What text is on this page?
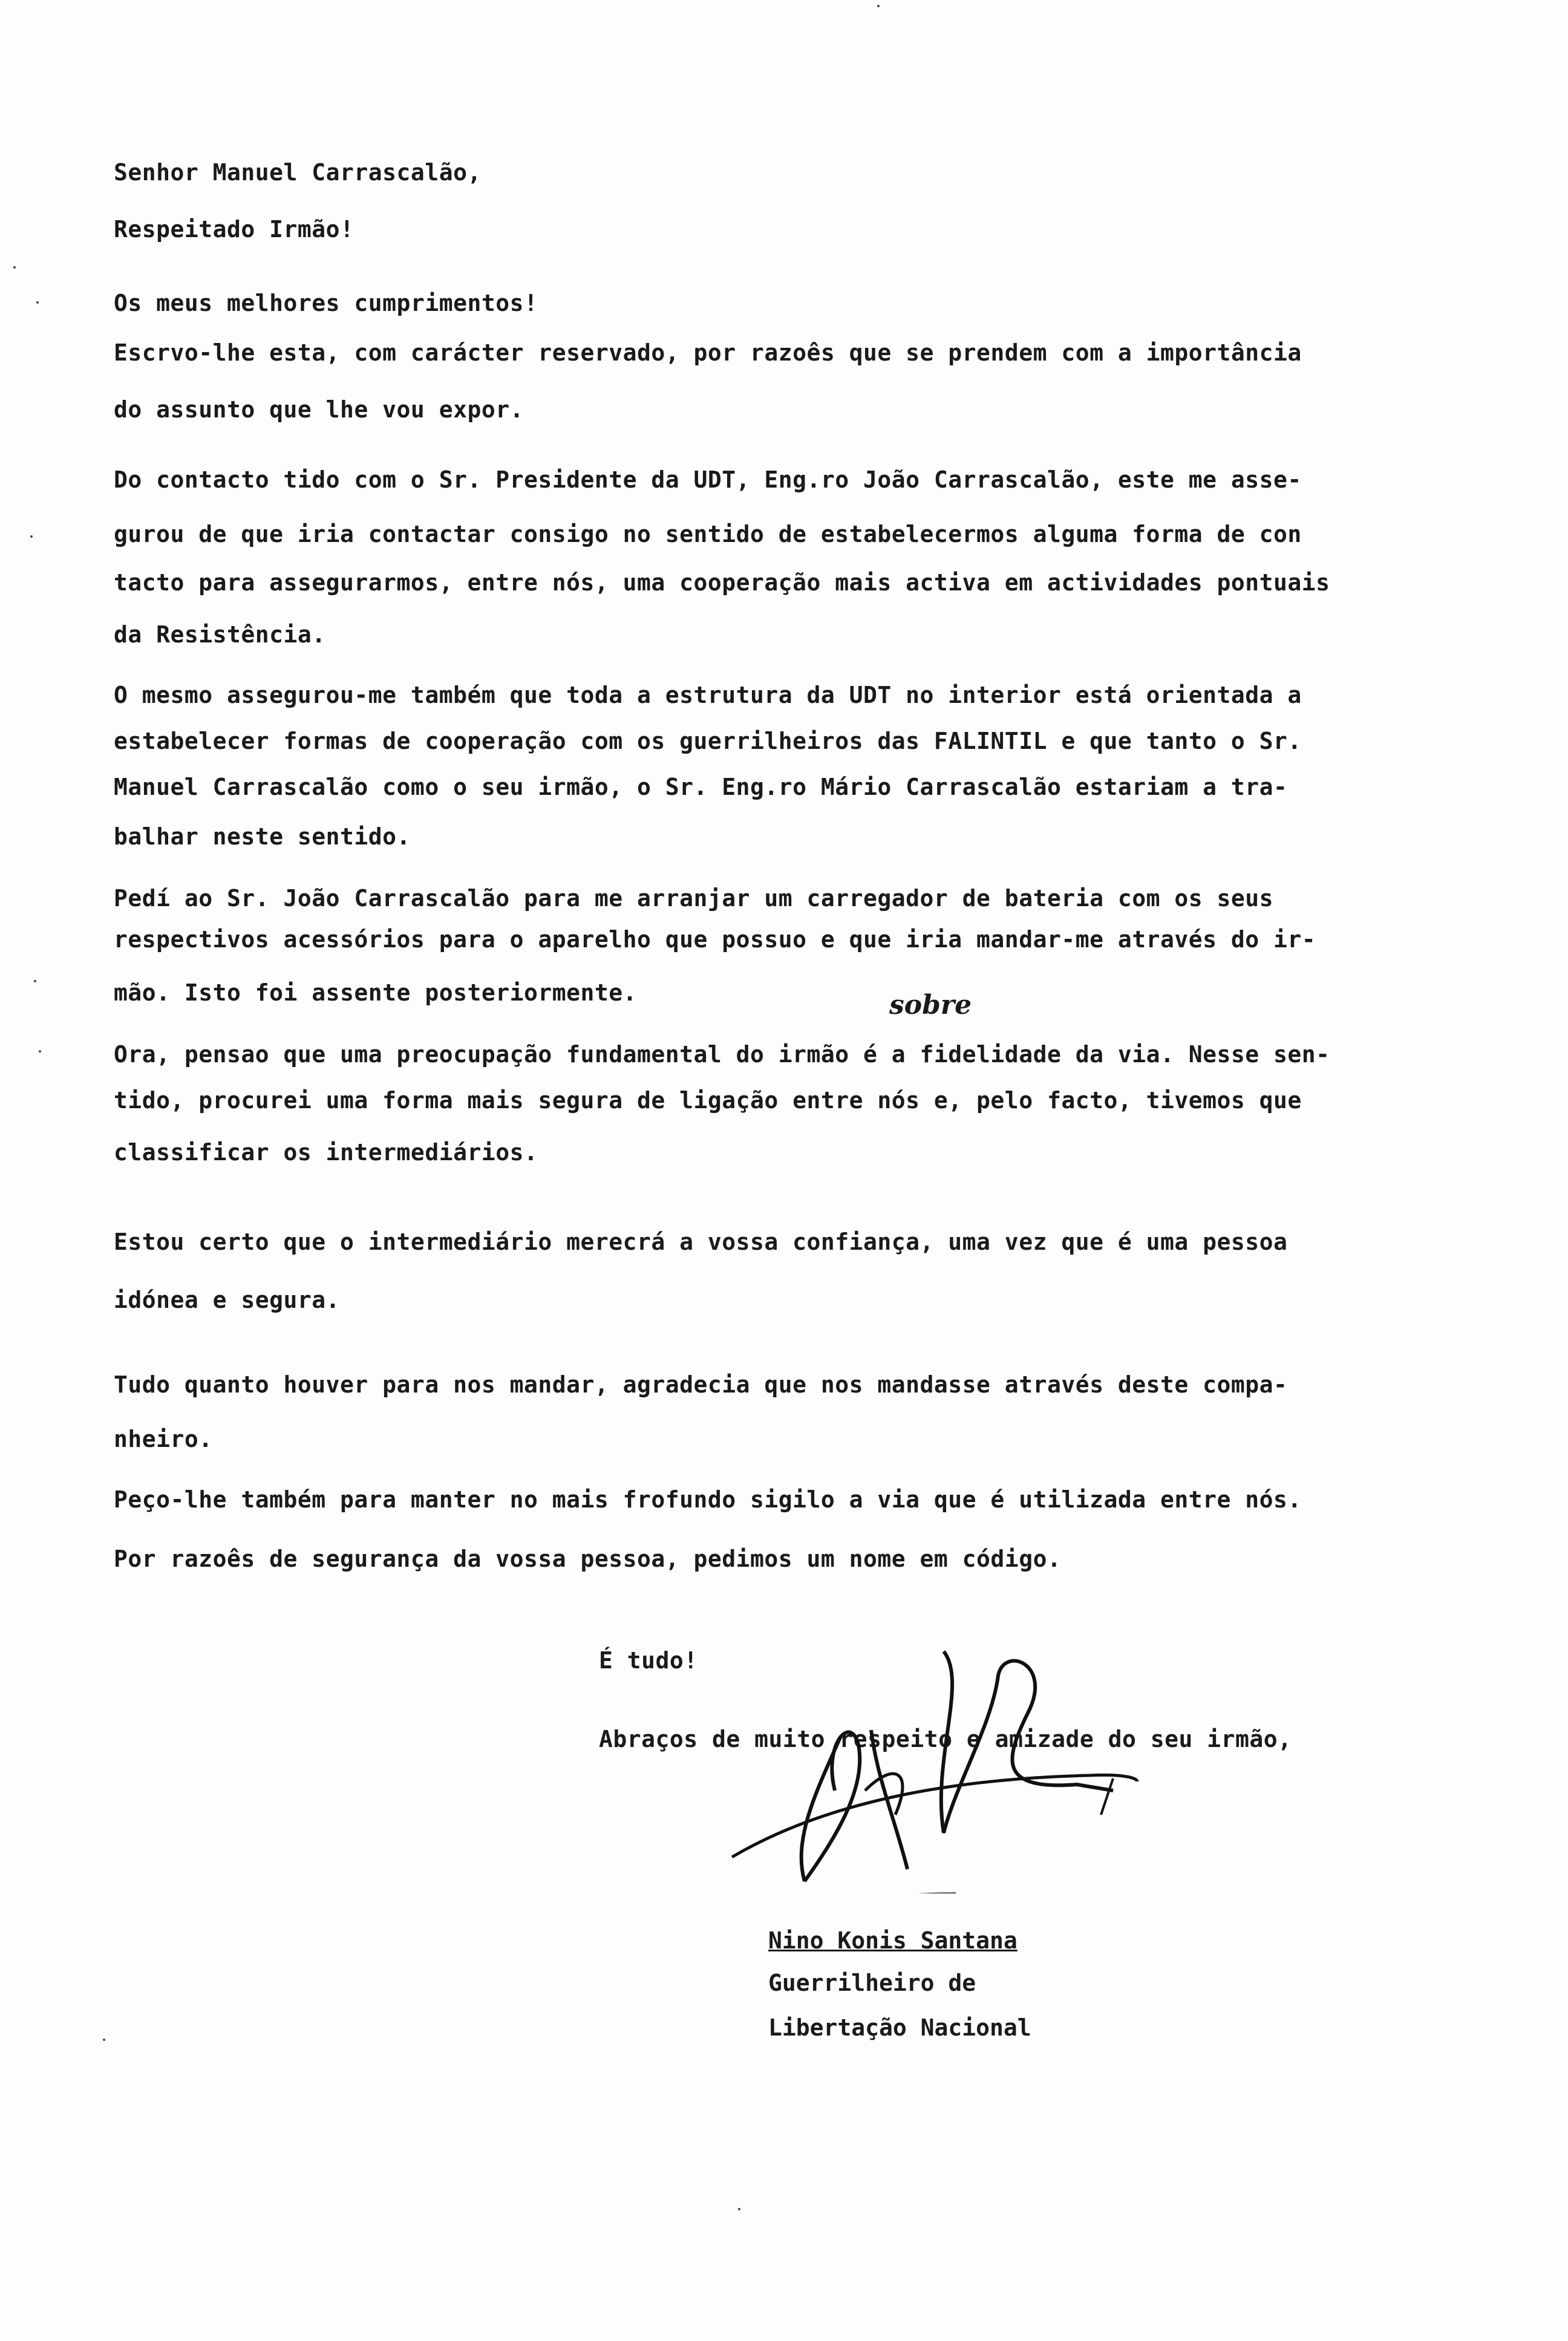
Senhor Manuel Carrascalão,
Respeitado Irmão!
Os meus melhores cumprimentos!
Escrvo-lhe esta, com carácter reservado, por razoês que se prendem com a importância
do assunto que lhe vou expor.
Do contacto tido com o Sr. Presidente da UDT, Eng.ro João Carrascalão, este me asse-
gurou de que iria contactar consigo no sentido de estabelecermos alguma forma de con
tacto para assegurarmos, entre nós, uma cooperação mais activa em actividades pontuais
da Resistência.
O mesmo assegurou-me também que toda a estrutura da UDT no interior está orientada a
estabelecer formas de cooperação com os guerrilheiros das FALINTIL e que tanto o Sr.
Manuel Carrascalão como o seu irmão, o Sr. Eng.ro Mário Carrascalão estariam a tra-
balhar neste sentido.
Pedí ao Sr. João Carrascalão para me arranjar um carregador de bateria com os seus
respectivos acessórios para o aparelho que possuo e que iria mandar-me através do ir-
mão. Isto foi assente posteriormente.	sobre
Ora, pensao que uma preocupação fundamental do irmão é a fidelidade da via. Nesse sen-
tido, procurei uma forma mais segura de ligação entre nós e, pelo facto, tivemos que
classificar os intermediários.
Estou certo que o intermediário merecrá a vossa confiança, uma vez que é uma pessoa
idónea e segura.
Tudo quanto houver para nos mandar, agradecia que nos mandasse através deste compa-
nheiro.
Peço-lhe também para manter no mais frofundo sigilo a via que é utilizada entre nós.
Por razoês de segurança da vossa pessoa, pedimos um nome em código.
É tudo!
Abraços de muito respeito e amizade do seu irmão,
Nino Konis Santana
Guerrilheiro de
Libertação Nacional
